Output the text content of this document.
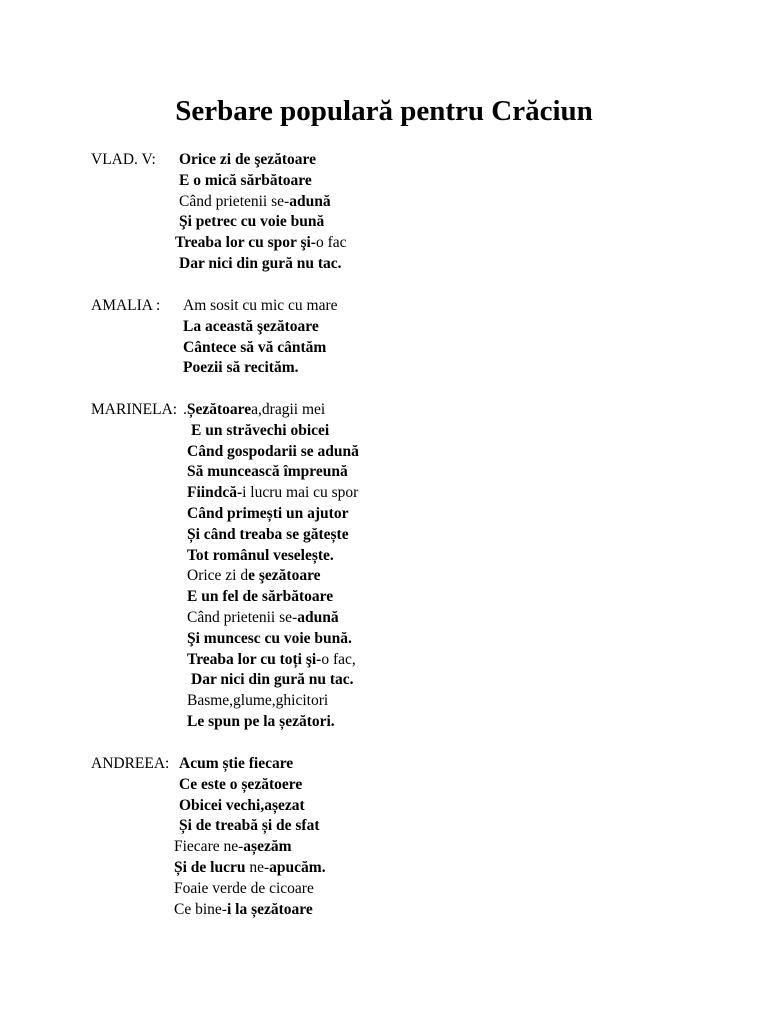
Serbare populară pentru Crăciun
VLAD. V: Orice zi de şezătoare
E o mică sărbătoare
Când prietenii se-adună
Şi petrec cu voie bună
Treaba lor cu spor şi-o fac
Dar nici din gură nu tac.
AMALIA : Am sosit cu mic cu mare
La această şezătoare
Cântece să vă cântăm
Poezii să recităm.
MARINELA: .Șezătoarea,dragii mei
E un străvechi obicei
Când gospodarii se adună
Să muncească împreună
Fiindcă-i lucru mai cu spor
Când primești un ajutor
Și când treaba se gătește
Tot românul veselește.
Orice zi de şezătoare
E un fel de sărbătoare
Când prietenii se-adună
Şi muncesc cu voie bună.
Treaba lor cu toți şi-o fac,
Dar nici din gură nu tac.
Basme,glume,ghicitori
Le spun pe la șezători.
ANDREEA: Acum știe fiecare
Ce este o șezătoere
Obicei vechi,așezat
Și de treabă și de sfat
Fiecare ne-așezăm
Și de lucru ne-apucăm.
Foaie verde de cicoare
Ce bine-i la șezătoare
